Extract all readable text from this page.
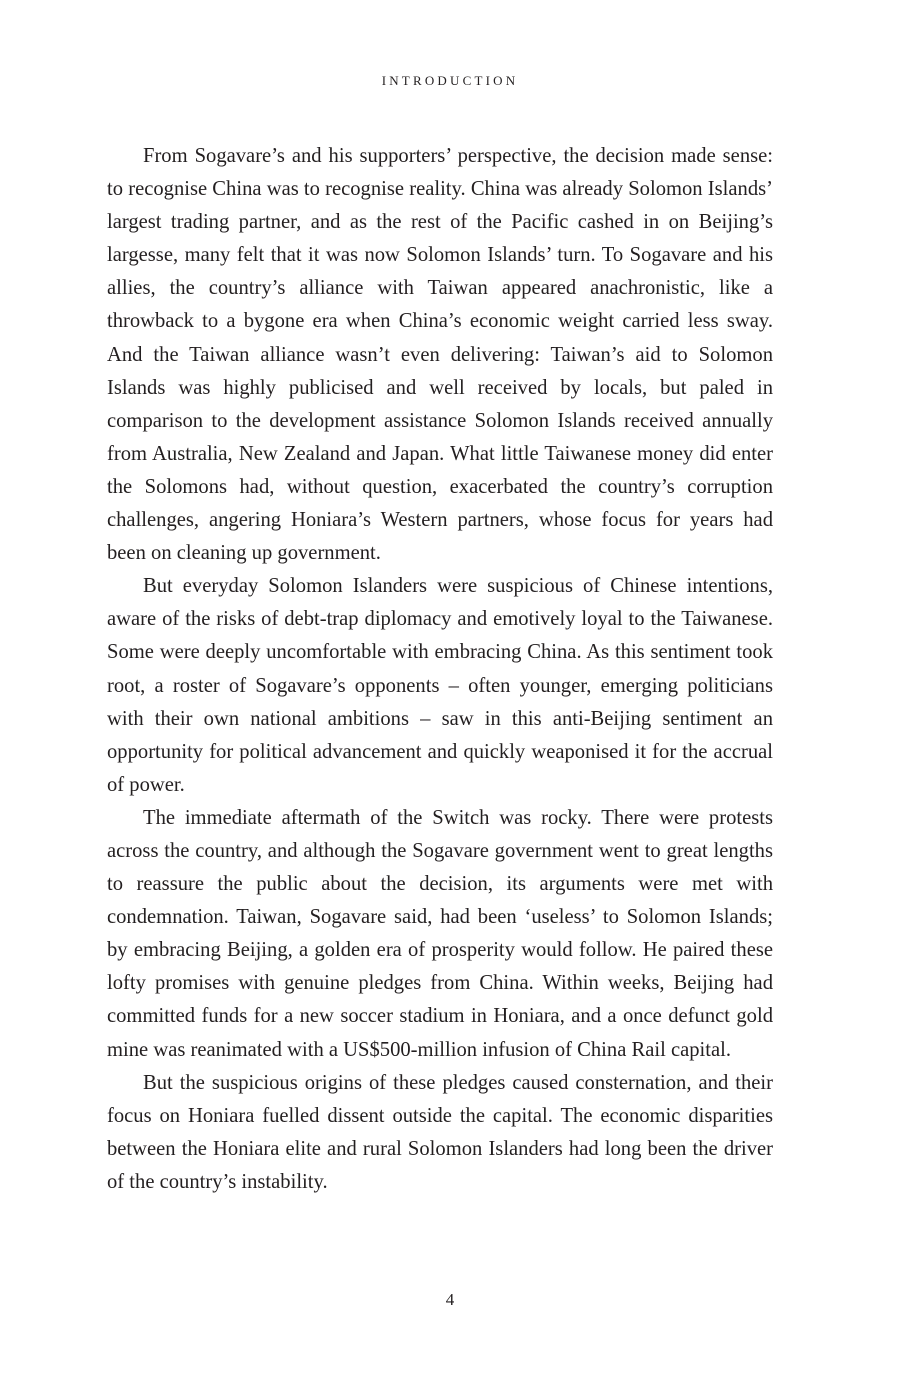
INTRODUCTION

From Sogavare’s and his supporters’ perspective, the decision made sense: to recognise China was to recognise reality. China was already Solomon Islands’ largest trading partner, and as the rest of the Pacific cashed in on Beijing’s largesse, many felt that it was now Solomon Islands’ turn. To Sogavare and his allies, the country’s alliance with Taiwan appeared anachronistic, like a throwback to a bygone era when China’s economic weight carried less sway. And the Taiwan alliance wasn’t even delivering: Taiwan’s aid to Solomon Islands was highly publicised and well received by locals, but paled in comparison to the development assistance Solomon Islands received annually from Australia, New Zealand and Japan. What little Taiwanese money did enter the Solomons had, without question, exacerbated the country’s corruption challenges, angering Honiara’s Western partners, whose focus for years had been on cleaning up government.

But everyday Solomon Islanders were suspicious of Chinese intentions, aware of the risks of debt-trap diplomacy and emotively loyal to the Taiwanese. Some were deeply uncomfortable with embracing China. As this sentiment took root, a roster of Sogavare’s opponents – often younger, emerging politicians with their own national ambitions – saw in this anti-Beijing sentiment an opportunity for political advancement and quickly weaponised it for the accrual of power.

The immediate aftermath of the Switch was rocky. There were protests across the country, and although the Sogavare government went to great lengths to reassure the public about the decision, its arguments were met with condemnation. Taiwan, Sogavare said, had been ‘useless’ to Solomon Islands; by embracing Beijing, a golden era of prosperity would follow. He paired these lofty promises with genuine pledges from China. Within weeks, Beijing had committed funds for a new soccer stadium in Honiara, and a once defunct gold mine was reanimated with a US$500-million infusion of China Rail capital.

But the suspicious origins of these pledges caused consternation, and their focus on Honiara fuelled dissent outside the capital. The economic disparities between the Honiara elite and rural Solomon Islanders had long been the driver of the country’s instability.

4
